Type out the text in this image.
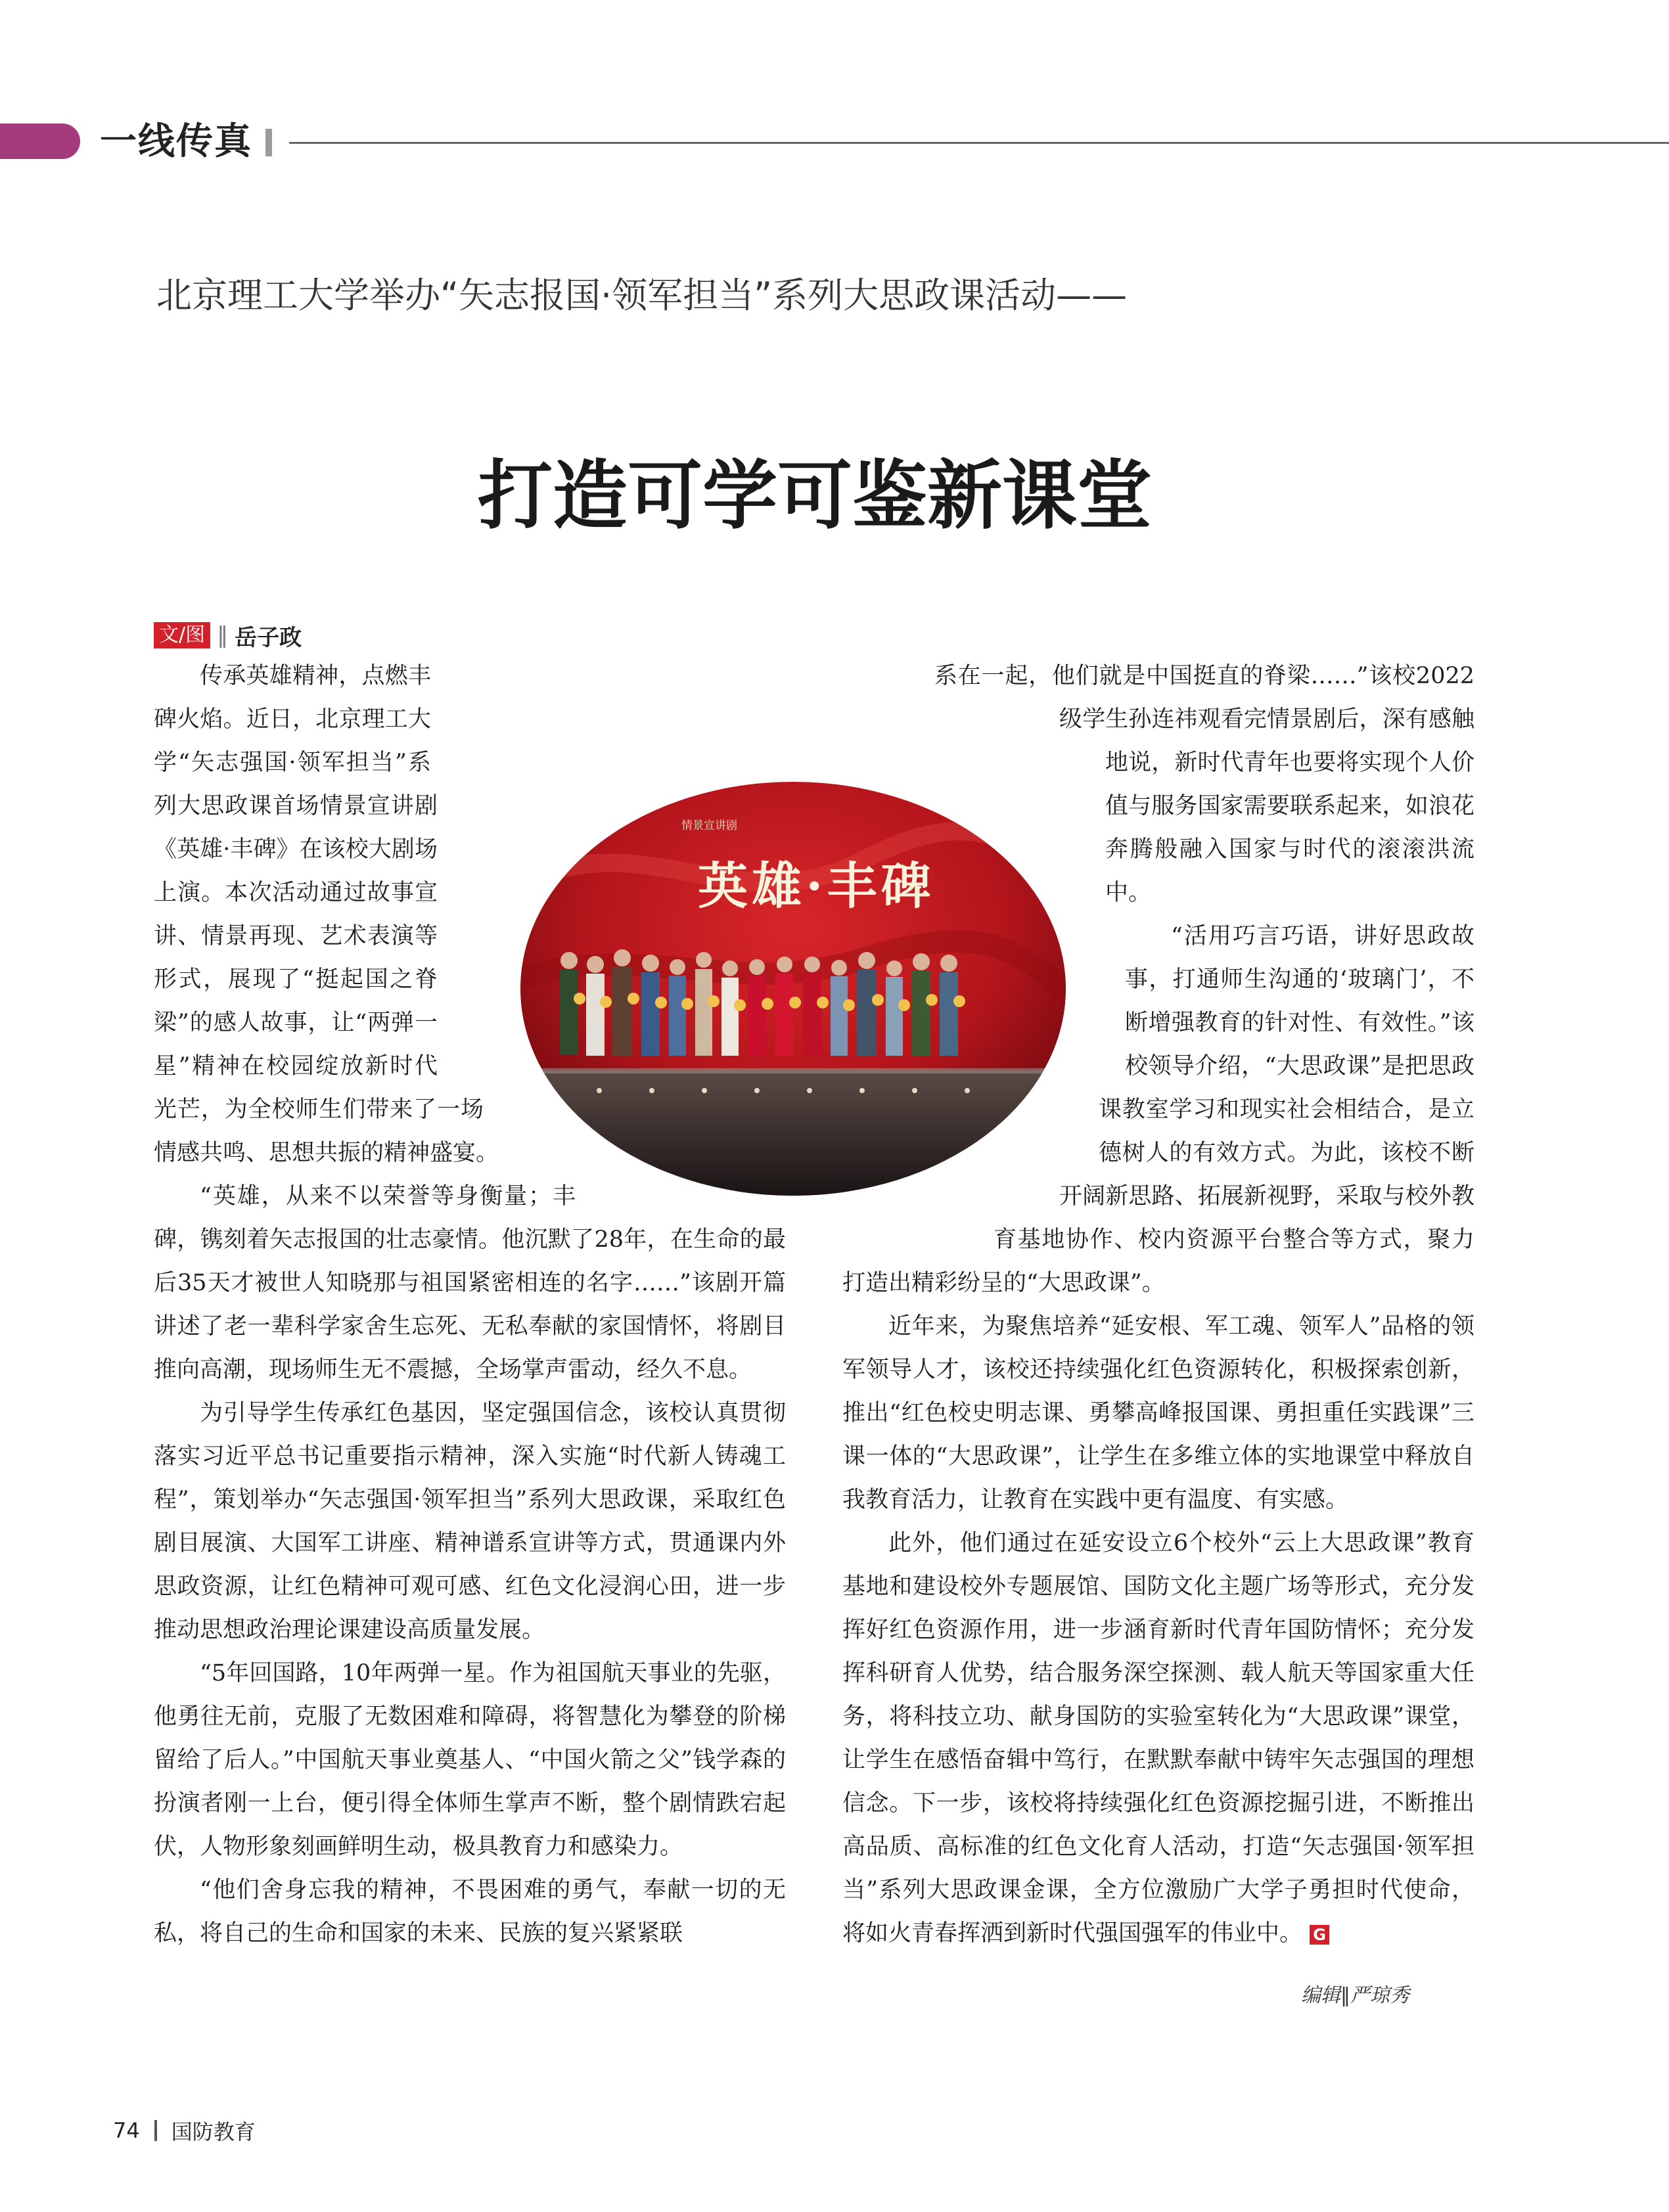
一线传真
北京理工大学举办“矢志报国·领军担当”系列大思政课活动——
打造可学可鉴新课堂
文/图 ‖ 岳子政

传承英雄精神，点燃丰碑火焰。近日，北京理工大学“矢志强国·领军担当”系列大思政课首场情景宣讲剧《英雄·丰碑》在该校大剧场上演。本次活动通过故事宣讲、情景再现、艺术表演等形式，展现了“挺起国之脊梁”的感人故事，让“两弹一星”精神在校园绽放新时代光芒，为全校师生们带来了一场情感共鸣、思想共振的精神盛宴。

“英雄，从来不以荣誉等身衡量；丰碑，镌刻着矢志报国的壮志豪情。他沉默了28年，在生命的最后35天才被世人知晓那与祖国紧密相连的名字……”该剧开篇讲述了老一辈科学家舍生忘死、无私奉献的家国情怀，将剧目推向高潮，现场师生无不震撼，全场掌声雷动，经久不息。

为引导学生传承红色基因，坚定强国信念，该校认真贯彻落实习近平总书记重要指示精神，深入实施“时代新人铸魂工程”，策划举办“矢志强国·领军担当”系列大思政课，采取红色剧目展演、大国军工讲座、精神谱系宣讲等方式，贯通课内外思政资源，让红色精神可观可感、红色文化浸润心田，进一步推动思想政治理论课建设高质量发展。

“5年回国路，10年两弹一星。作为祖国航天事业的先驱，他勇往无前，克服了无数困难和障碍，将智慧化为攀登的阶梯留给了后人。”中国航天事业奠基人、“中国火箭之父”钱学森的扮演者刚一上台，便引得全体师生掌声不断，整个剧情跌宕起伏，人物形象刻画鲜明生动，极具教育力和感染力。

“他们舍身忘我的精神，不畏困难的勇气，奉献一切的无私，将自己的生命和国家的未来、民族的复兴紧紧联

系在一起，他们就是中国挺直的脊梁……”该校2022级学生孙连祎观看完情景剧后，深有感触地说，新时代青年也要将实现个人价值与服务国家需要联系起来，如浪花奔腾般融入国家与时代的滚滚洪流中。

“活用巧言巧语，讲好思政故事，打通师生沟通的‘玻璃门’，不断增强教育的针对性、有效性。”该校领导介绍，“大思政课”是把思政课教室学习和现实社会相结合，是立德树人的有效方式。为此，该校不断开阔新思路、拓展新视野，采取与校外教育基地协作、校内资源平台整合等方式，聚力打造出精彩纷呈的“大思政课”。

近年来，为聚焦培养“延安根、军工魂、领军人”品格的领军领导人才，该校还持续强化红色资源转化，积极探索创新，推出“红色校史明志课、勇攀高峰报国课、勇担重任实践课”三课一体的“大思政课”，让学生在多维立体的实地课堂中释放自我教育活力，让教育在实践中更有温度、有实感。

此外，他们通过在延安设立6个校外“云上大思政课”教育基地和建设校外专题展馆、国防文化主题广场等形式，充分发挥好红色资源作用，进一步涵育新时代青年国防情怀；充分发挥科研育人优势，结合服务深空探测、载人航天等国家重大任务，将科技立功、献身国防的实验室转化为“大思政课”课堂，让学生在感悟奋辑中笃行，在默默奉献中铸牢矢志强国的理想信念。下一步，该校将持续强化红色资源挖掘引进，不断推出高品质、高标准的红色文化育人活动，打造“矢志强国·领军担当”系列大思政课金课，全方位激励广大学子勇担时代使命，将如火青春挥洒到新时代强国强军的伟业中。 G

情景宣讲剧
英雄·丰碑
编辑‖严琼秀
74 国防教育
